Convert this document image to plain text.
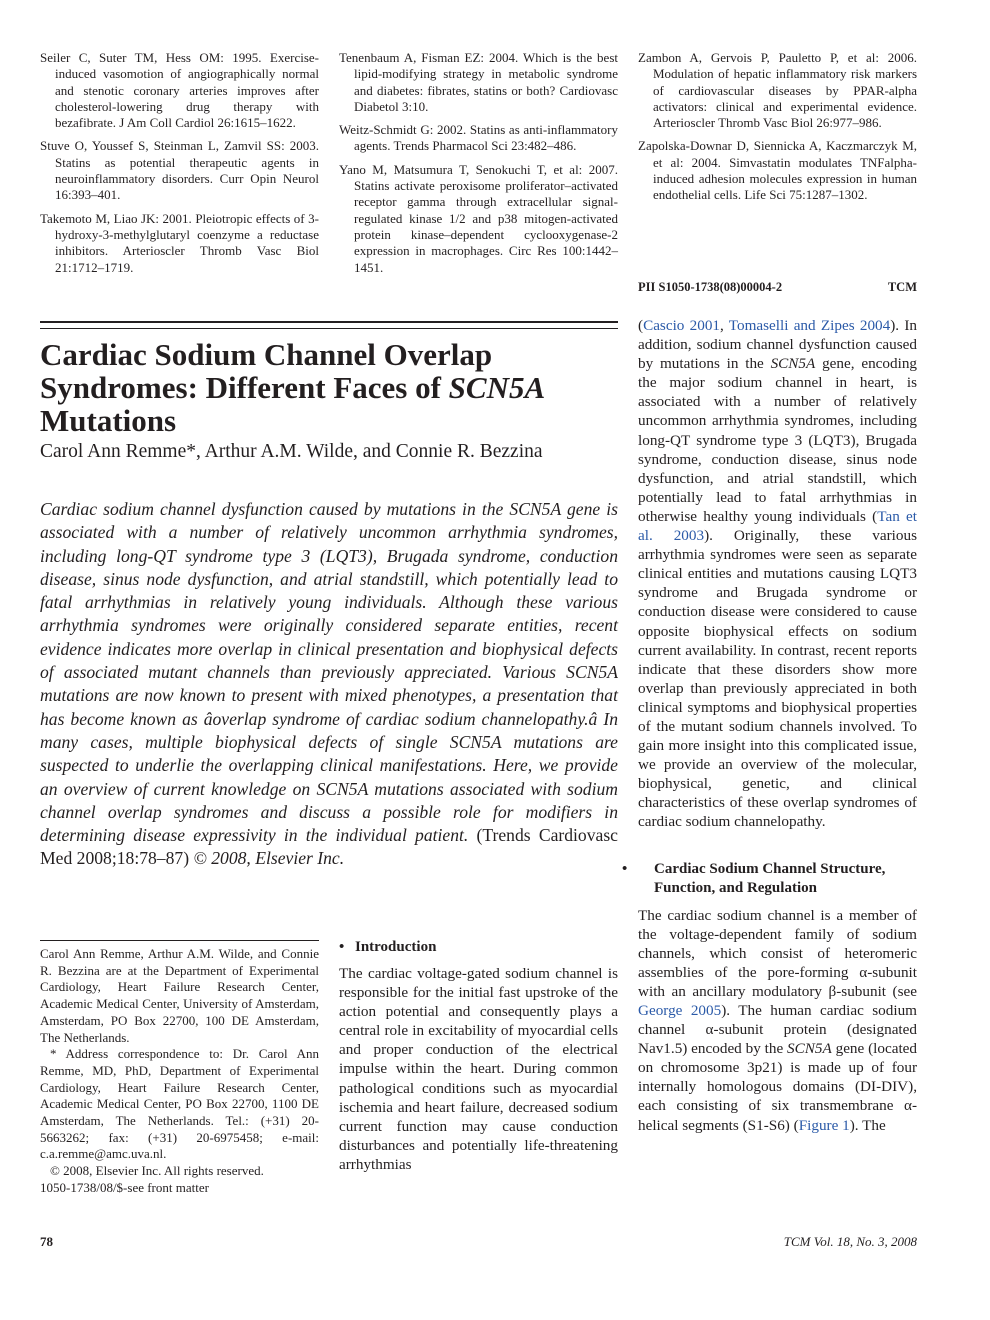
Seiler C, Suter TM, Hess OM: 1995. Exercise-induced vasomotion of angiographically normal and stenotic coronary arteries improves after cholesterol-lowering drug therapy with bezafibrate. J Am Coll Cardiol 26:1615–1622.

Stuve O, Youssef S, Steinman L, Zamvil SS: 2003. Statins as potential therapeutic agents in neuroinflammatory disorders. Curr Opin Neurol 16:393–401.

Takemoto M, Liao JK: 2001. Pleiotropic effects of 3-hydroxy-3-methylglutaryl coenzyme a reductase inhibitors. Arterioscler Thromb Vasc Biol 21:1712–1719.

Tenenbaum A, Fisman EZ: 2004. Which is the best lipid-modifying strategy in metabolic syndrome and diabetes: fibrates, statins or both? Cardiovasc Diabetol 3:10.

Weitz-Schmidt G: 2002. Statins as anti-inflammatory agents. Trends Pharmacol Sci 23:482–486.

Yano M, Matsumura T, Senokuchi T, et al: 2007. Statins activate peroxisome proliferator–activated receptor gamma through extracellular signal-regulated kinase 1/2 and p38 mitogen-activated protein kinase–dependent cyclooxygenase-2 expression in macrophages. Circ Res 100:1442–1451.

Zambon A, Gervois P, Pauletto P, et al: 2006. Modulation of hepatic inflammatory risk markers of cardiovascular diseases by PPAR-alpha activators: clinical and experimental evidence. Arterioscler Thromb Vasc Biol 26:977–986.

Zapolska-Downar D, Siennicka A, Kaczmarczyk M, et al: 2004. Simvastatin modulates TNFalpha-induced adhesion molecules expression in human endothelial cells. Life Sci 75:1287–1302.

PII S1050-1738(08)00004-2	TCM
Cardiac Sodium Channel Overlap Syndromes: Different Faces of SCN5A Mutations

Carol Ann Remme*, Arthur A.M. Wilde, and Connie R. Bezzina

Cardiac sodium channel dysfunction caused by mutations in the SCN5A gene is associated with a number of relatively uncommon arrhythmia syndromes, including long-QT syndrome type 3 (LQT3), Brugada syndrome, conduction disease, sinus node dysfunction, and atrial standstill, which potentially lead to fatal arrhythmias in relatively young individuals. Although these various arrhythmia syndromes were originally considered separate entities, recent evidence indicates more overlap in clinical presentation and biophysical defects of associated mutant channels than previously appreciated. Various SCN5A mutations are now known to present with mixed phenotypes, a presentation that has become known as âoverlap syndrome of cardiac sodium channelopathy.â In many cases, multiple biophysical defects of single SCN5A mutations are suspected to underlie the overlapping clinical manifestations. Here, we provide an overview of current knowledge on SCN5A mutations associated with sodium channel overlap syndromes and discuss a possible role for modifiers in determining disease expressivity in the individual patient. (Trends Cardiovasc Med 2008;18:78–87) © 2008, Elsevier Inc.

Carol Ann Remme, Arthur A.M. Wilde, and Connie R. Bezzina are at the Department of Experimental Cardiology, Heart Failure Research Center, Academic Medical Center, University of Amsterdam, Amsterdam, PO Box 22700, 100 DE Amsterdam, The Netherlands.

* Address correspondence to: Dr. Carol Ann Remme, MD, PhD, Department of Experimental Cardiology, Heart Failure Research Center, Academic Medical Center, PO Box 22700, 1100 DE Amsterdam, The Netherlands. Tel.: (+31) 20-5663262; fax: (+31) 20-6975458; e-mail: c.a.remme@amc.uva.nl.

© 2008, Elsevier Inc. All rights reserved.

1050-1738/08/$-see front matter

• Introduction

The cardiac voltage-gated sodium channel is responsible for the initial fast upstroke of the action potential and consequently plays a central role in excitability of myocardial cells and proper conduction of the electrical impulse within the heart. During common pathological conditions such as myocardial ischemia and heart failure, decreased sodium current function may cause conduction disturbances and potentially life-threatening arrhythmias

(Cascio 2001, Tomaselli and Zipes 2004). In addition, sodium channel dysfunction caused by mutations in the SCN5A gene, encoding the major sodium channel in heart, is associated with a number of relatively uncommon arrhythmia syndromes, including long-QT syndrome type 3 (LQT3), Brugada syndrome, conduction disease, sinus node dysfunction, and atrial standstill, which potentially lead to fatal arrhythmias in otherwise healthy young individuals (Tan et al. 2003). Originally, these various arrhythmia syndromes were seen as separate clinical entities and mutations causing LQT3 syndrome and Brugada syndrome or conduction disease were considered to cause opposite biophysical effects on sodium current availability. In contrast, recent reports indicate that these disorders show more overlap than previously appreciated in both clinical symptoms and biophysical properties of the mutant sodium channels involved. To gain more insight into this complicated issue, we provide an overview of the molecular, biophysical, genetic, and clinical characteristics of these overlap syndromes of cardiac sodium channelopathy.

• Cardiac Sodium Channel Structure, Function, and Regulation

The cardiac sodium channel is a member of the voltage-dependent family of sodium channels, which consist of heteromeric assemblies of the pore-forming α-subunit with an ancillary modulatory β-subunit (see George 2005). The human cardiac sodium channel α-subunit protein (designated Nav1.5) encoded by the SCN5A gene (located on chromosome 3p21) is made up of four internally homologous domains (DI-DIV), each consisting of six transmembrane α-helical segments (S1-S6) (Figure 1). The

78	TCM Vol. 18, No. 3, 2008
